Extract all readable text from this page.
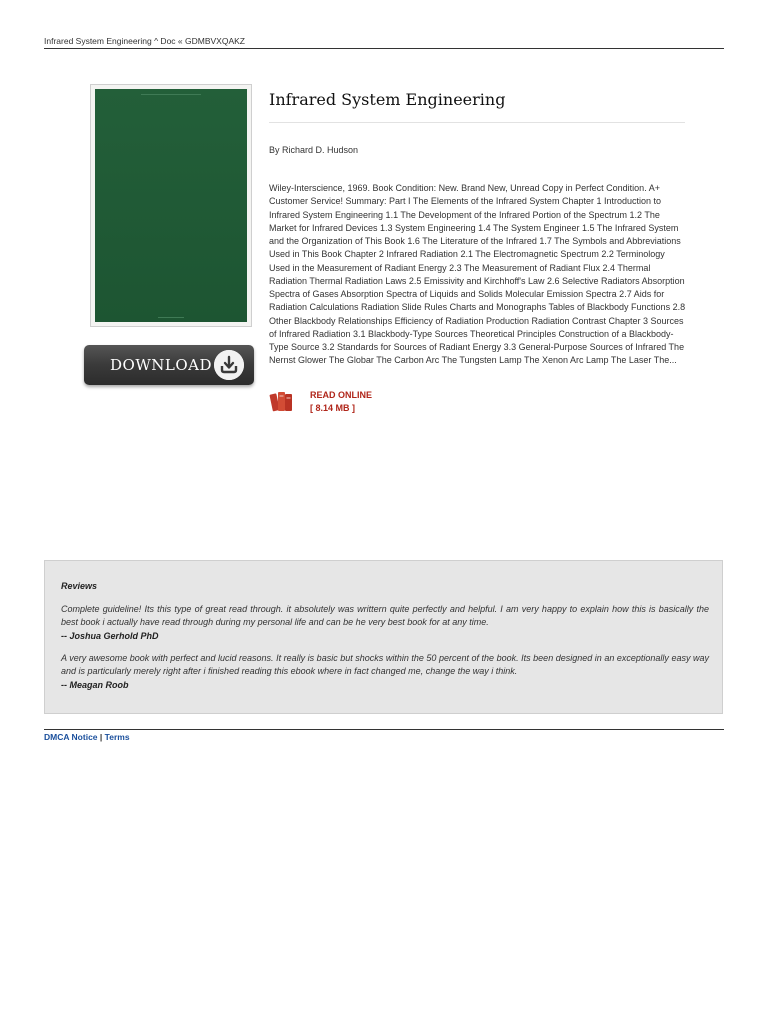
Infrared System Engineering ^ Doc « GDMBVXQAKZ
DOWNLOAD
Infrared System Engineering
By Richard D. Hudson

Wiley-Interscience, 1969. Book Condition: New. Brand New, Unread Copy in Perfect Condition. A+ Customer Service! Summary: Part I The Elements of the Infrared System Chapter 1 Introduction to Infrared System Engineering 1.1 The Development of the Infrared Portion of the Spectrum 1.2 The Market for Infrared Devices 1.3 System Engineering 1.4 The System Engineer 1.5 The Infrared System and the Organization of This Book 1.6 The Literature of the Infrared 1.7 The Symbols and Abbreviations Used in This Book Chapter 2 Infrared Radiation 2.1 The Electromagnetic Spectrum 2.2 Terminology Used in the Measurement of Radiant Energy 2.3 The Measurement of Radiant Flux 2.4 Thermal Radiation Thermal Radiation Laws 2.5 Emissivity and Kirchhoff's Law 2.6 Selective Radiators Absorption Spectra of Gases Absorption Spectra of Liquids and Solids Molecular Emission Spectra 2.7 Aids for Radiation Calculations Radiation Slide Rules Charts and Monographs Tables of Blackbody Functions 2.8 Other Blackbody Relationships Efficiency of Radiation Production Radiation Contrast Chapter 3 Sources of Infrared Radiation 3.1 Blackbody-Type Sources Theoretical Principles Construction of a Blackbody-Type Source 3.2 Standards for Sources of Radiant Energy 3.3 General-Purpose Sources of Infrared The Nernst Glower The Globar The Carbon Arc The Tungsten Lamp The Xenon Arc Lamp The Laser The...

READ ONLINE
[ 8.14 MB ]
Reviews

Complete guideline! Its this type of great read through. it absolutely was writtern quite perfectly and helpful. I am very happy to explain how this is basically the best book i actually have read through during my personal life and can be he very best book for at any time.

-- Joshua Gerhold PhD

A very awesome book with perfect and lucid reasons. It really is basic but shocks within the 50 percent of the book. Its been designed in an exceptionally easy way and is particularly merely right after i finished reading this ebook where in fact changed me, change the way i think.

-- Meagan Roob
DMCA Notice | Terms
